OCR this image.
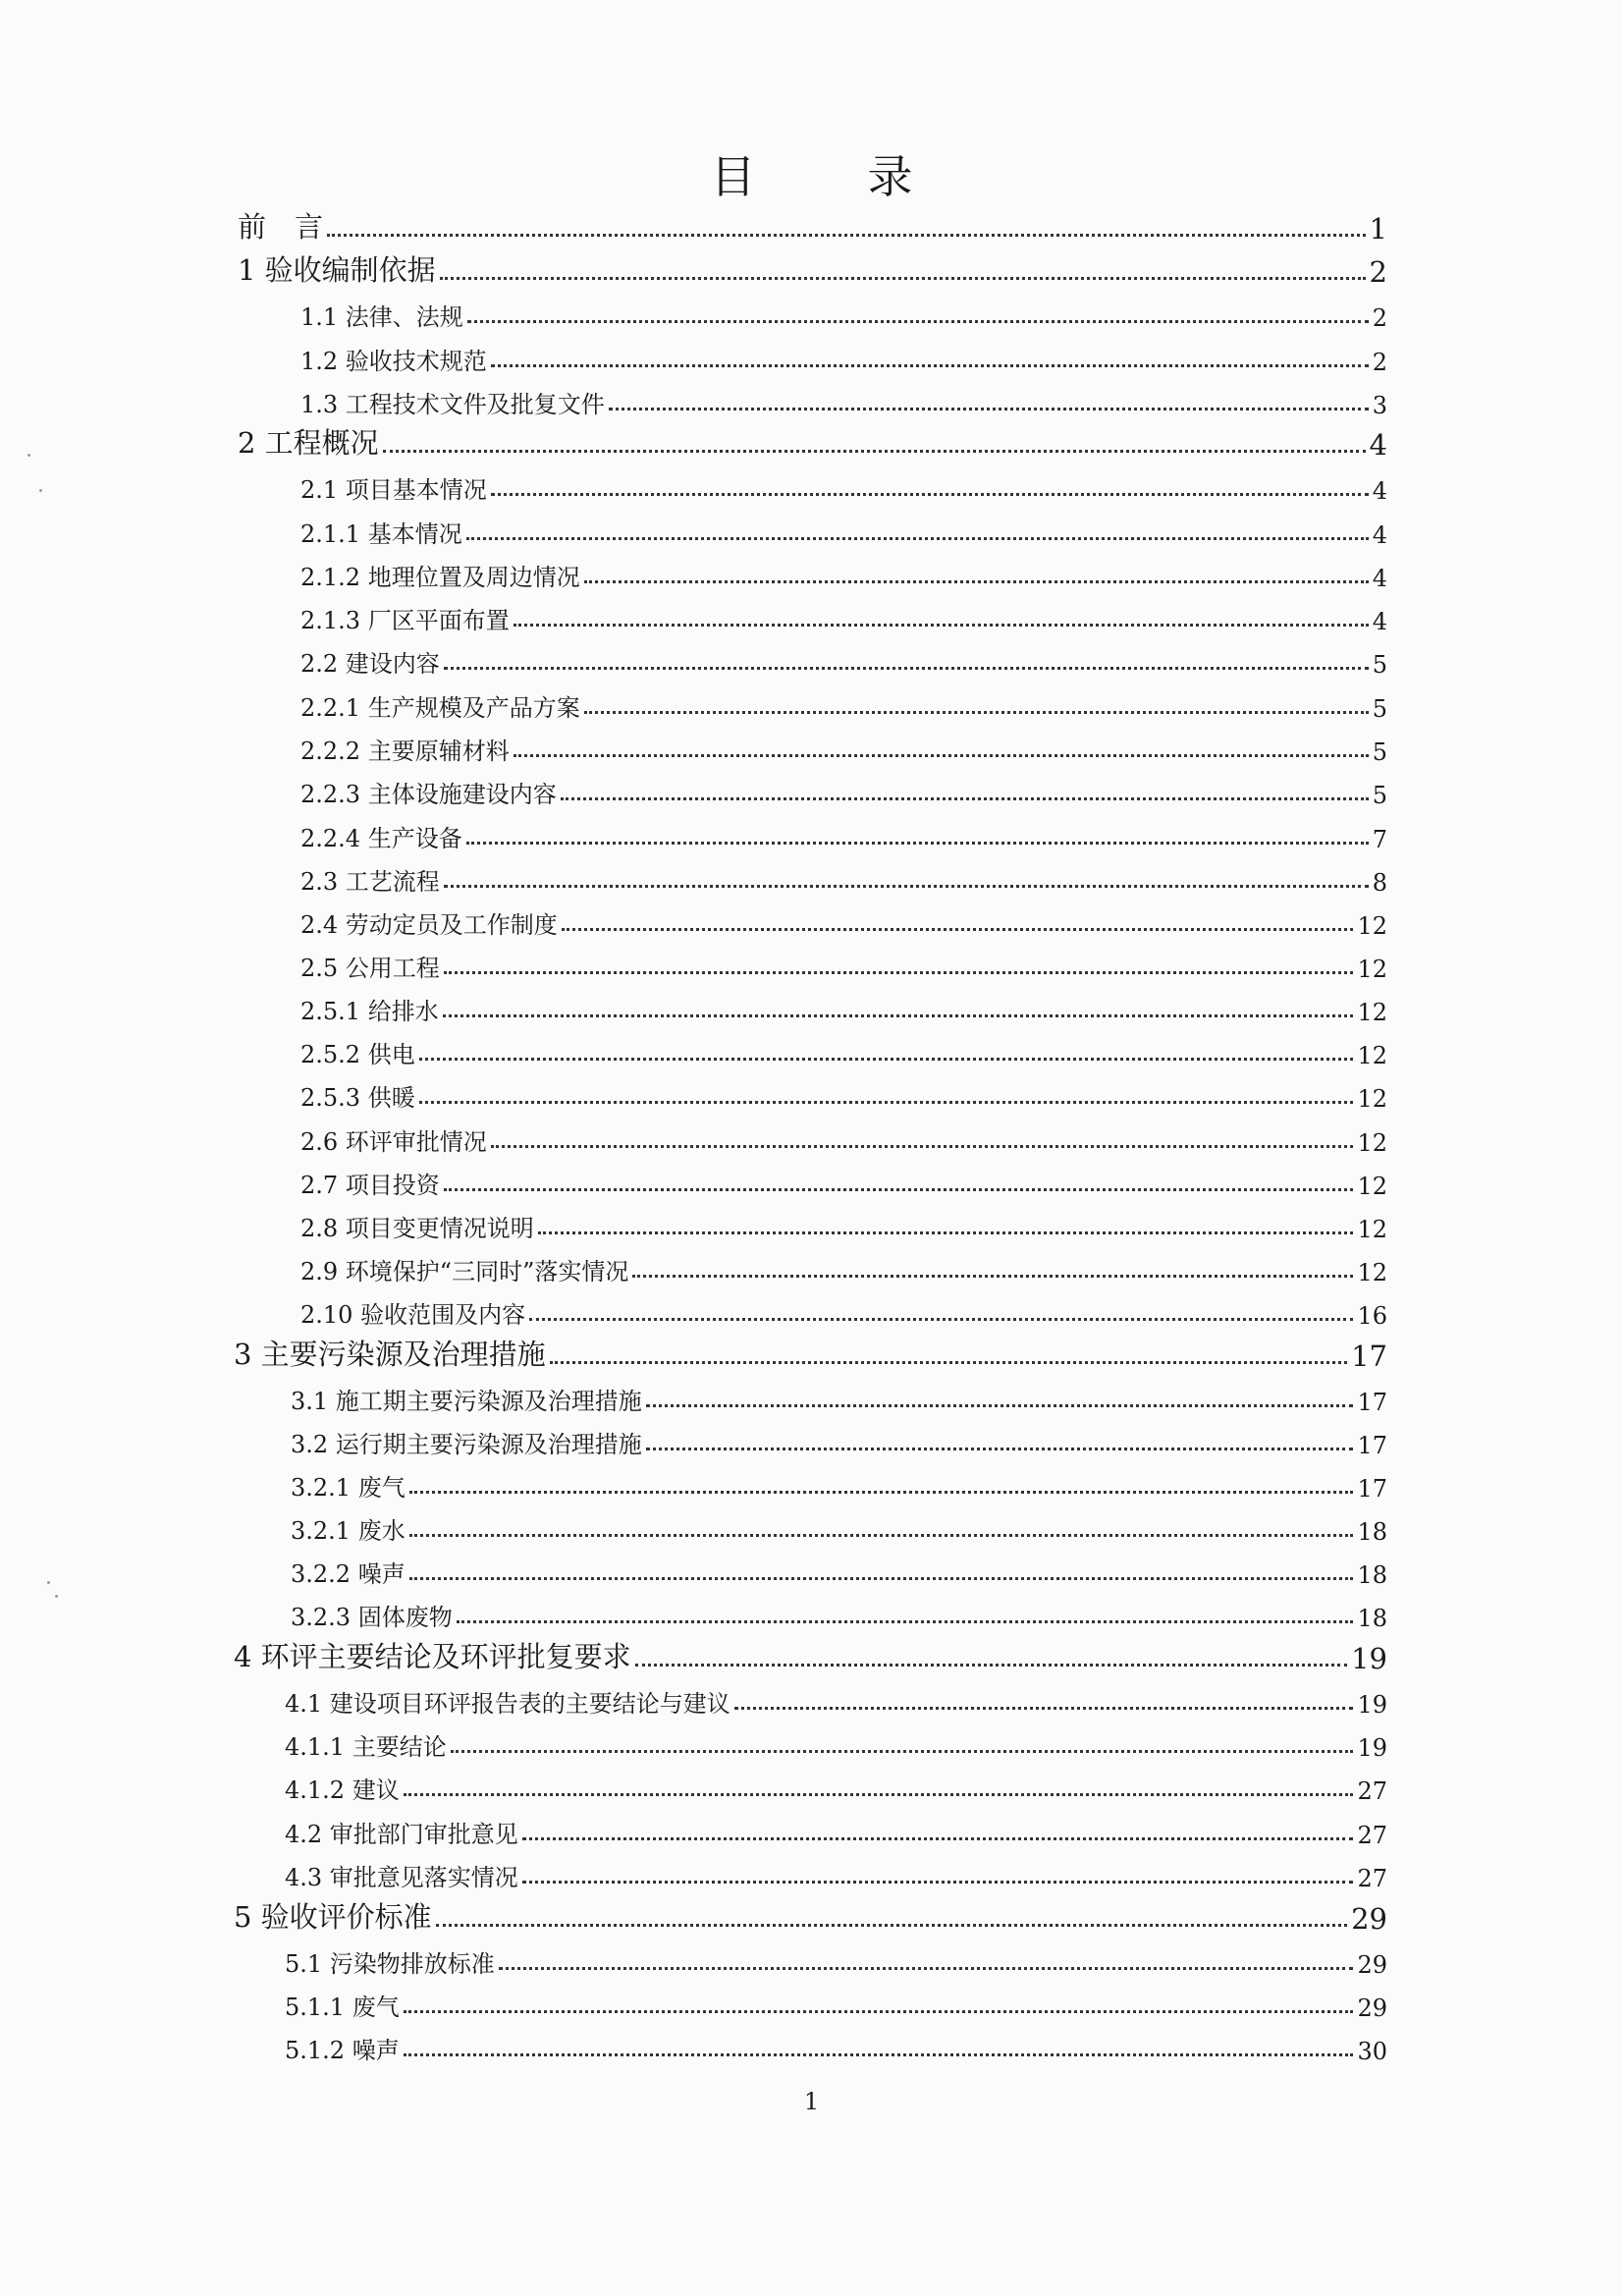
目　录
前　言	1
1 验收编制依据	2
1.1 法律、法规	2
1.2 验收技术规范	2
1.3 工程技术文件及批复文件	3
2 工程概况	4
2.1 项目基本情况	4
2.1.1 基本情况	4
2.1.2 地理位置及周边情况	4
2.1.3 厂区平面布置	4
2.2 建设内容	5
2.2.1 生产规模及产品方案	5
2.2.2 主要原辅材料	5
2.2.3 主体设施建设内容	5
2.2.4 生产设备	7
2.3 工艺流程	8
2.4 劳动定员及工作制度	12
2.5 公用工程	12
2.5.1 给排水	12
2.5.2 供电	12
2.5.3 供暖	12
2.6 环评审批情况	12
2.7 项目投资	12
2.8 项目变更情况说明	12
2.9 环境保护“三同时”落实情况	12
2.10 验收范围及内容	16
3 主要污染源及治理措施	17
3.1 施工期主要污染源及治理措施	17
3.2 运行期主要污染源及治理措施	17
3.2.1 废气	17
3.2.1 废水	18
3.2.2 噪声	18
3.2.3 固体废物	18
4 环评主要结论及环评批复要求	19
4.1 建设项目环评报告表的主要结论与建议	19
4.1.1 主要结论	19
4.1.2 建议	27
4.2 审批部门审批意见	27
4.3 审批意见落实情况	27
5 验收评价标准	29
5.1 污染物排放标准	29
5.1.1 废气	29
5.1.2 噪声	30
1
